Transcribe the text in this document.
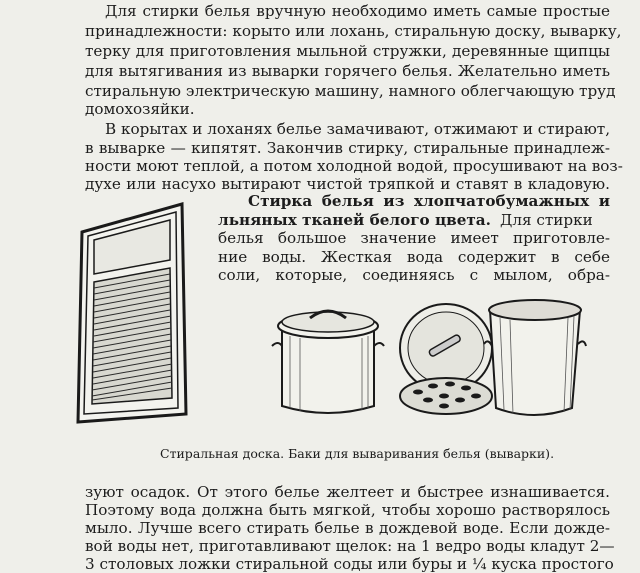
Для стирки белья вручную необходимо иметь самые простые
принадлежности: корыто или лохань, стиральную доску, выварку,
терку для приготовления мыльной стружки, деревянные щипцы
для вытягивания из выварки горячего белья. Желательно иметь
стиральную электрическую машину, намного облегчающую труд
домохозяйки.
В корытах и лоханях белье замачивают, отжимают и стирают,
в выварке — кипятят. Закончив стирку, стиральные принадлеж-
ности моют теплой, а потом холодной водой, просушивают на воз-
духе или насухо вытирают чистой тряпкой и ставят в кладовую.
Стирка белья из хлопчатобумажных и
льняных тканей белого цвета. Для стирки
белья большое значение имеет приготовле-
ние воды. Жесткая вода содержит в себе
соли, которые, соединяясь с мылом, обра-
Стиральная доска. Баки для вываривания белья (выварки).
зуют осадок. От этого белье желтеет и быстрее изнашивается.
Поэтому вода должна быть мягкой, чтобы хорошо растворялось
мыло. Лучше всего стирать белье в дождевой воде. Если дожде-
вой воды нет, приготавливают щелок: на 1 ведро воды кладут 2—
3 столовых ложки стиральной соды или буры и ¼ куска простого
